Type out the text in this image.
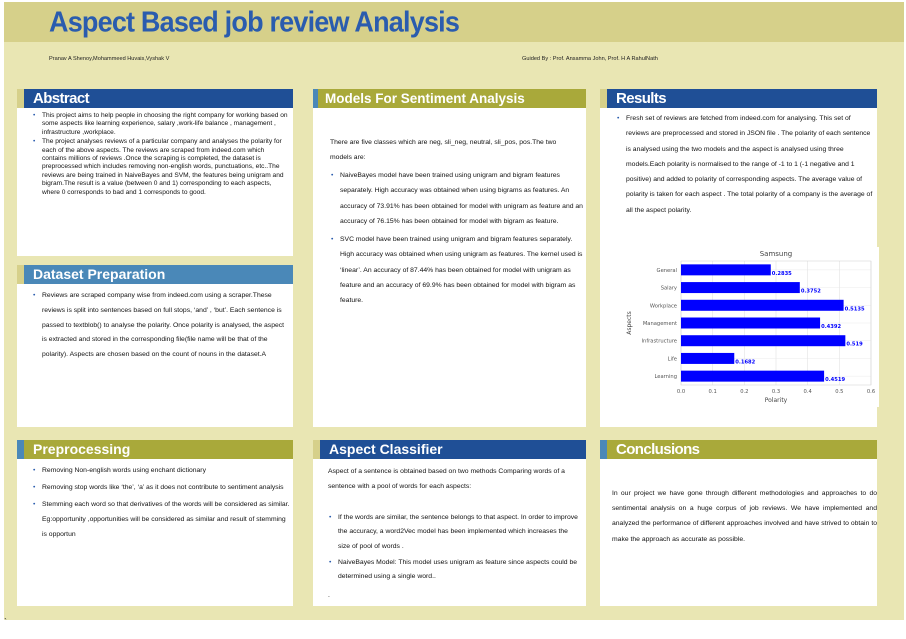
Aspect Based job review Analysis
Pranav A Shenoy,Mohammeed Huvais,Vyshak V	Guided By : Prof. Ansamma John, Prof. H A RahulNath
Abstract
• This project aims to help people in choosing the right company for working based on some aspects like learning experience, salary ,work-life balance , management , infrastructure ,workplace.
• The project analyses reviews of a particular company and analyses the polarity for each of the above aspects. The reviews are scraped from indeed.com which contains millions of reviews .Once the scraping is completed, the dataset is preprocessed which includes removing non-english words, punctuations, etc..The reviews are being trained in NaiveBayes and SVM, the features being unigram and bigram.The result is a value (between 0 and 1) corresponding to each aspects, where 0 corresponds to bad and 1 corresponds to good.
Dataset Preparation
• Reviews are scraped company wise from indeed.com using a scraper.These reviews is split into sentences based on full stops, ‘and’ , ‘but’. Each sentence is passed to textblob() to analyse the polarity. Once polarity is analysed, the aspect is extracted and stored in the corresponding file(file name will be that of the polarity). Aspects are chosen based on the count of nouns in the dataset.A
Preprocessing
• Removing Non-english words using enchant dictionary
• Removing stop words like ‘the’, ‘a’ as it does not contribute to sentiment analysis
• Stemming each word so that derivatives of the words will be considered as similar. Eg:opportunity ,opportunities will be considered as similar and result of stemming is opportun
Models For Sentiment Analysis
There are five classes which are neg, sli_neg, neutral, sli_pos, pos.The two models are:
• NaiveBayes model have been trained using unigram and bigram features separately. High accuracy was obtained when using bigrams as features. An accuracy of 73.91% has been obtained for model with unigram as feature and an accuracy of 76.15% has been obtained for model with bigram as feature.
• SVC model have been trained using unigram and bigram features separately. High accuracy was obtained when using unigram as features. The kernel used is ‘linear’. An accuracy of 87.44% has been obtained for model with unigram as feature and an accuracy of 69.9% has been obtained for model with bigram as feature.
Aspect Classifier
Aspect of a sentence is obtained based on two methods Comparing words of a sentence with a pool of words for each aspects:
• If the words are similar, the sentence belongs to that aspect. In order to improve the accuracy, a word2Vec model has been implemented which increases the size of pool of words .
• NaiveBayes Model: This model uses unigram as feature since aspects could be determined using a single word..
.
Results
• Fresh set of reviews are fetched from indeed.com for analysing. This set of reviews are preprocessed and stored in JSON file . The polarity of each sentence is analysed using the two models and the aspect is analysed using three models.Each polarity is normalised to the range of -1 to 1 (-1 negative and 1 positive) and added to polarity of corresponding aspects. The average value of polarity is taken for each aspect . The total polarity of a company is the average of all the aspect polarity.
Samsung
0.2835
0.3752
0.5135
0.4392
0.519
0.1682
0.4519
General
Salary
Workplace
Management
Infrastructure
Life
Learning
0.0	0.1	0.2	0.3	0.4	0.5	0.6
Polarity
Aspects
Conclusions
In our project we have gone through different methodologies and approaches to do sentimental analysis on a huge corpus of job reviews. We have implemented and analyzed the performance of different approaches involved and have strived to obtain to make the approach as accurate as possible.
`
